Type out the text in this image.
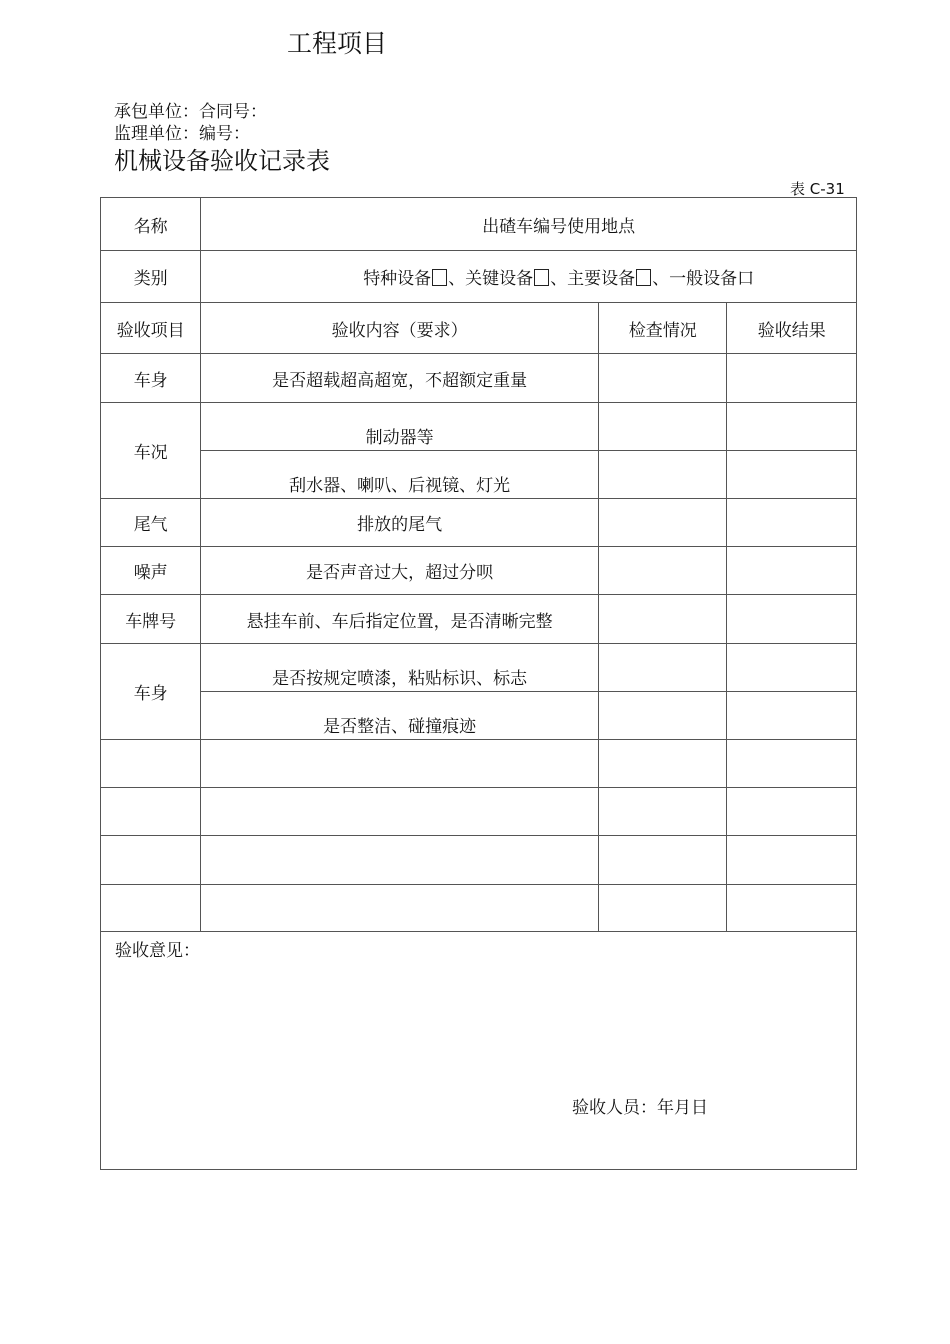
工程项目
承包单位：合同号：
监理单位：编号：
机械设备验收记录表
表 C-31
名称	出碴车编号使用地点		
类别	特种设备 、关键设备 、主要设备 、一般设备口		
验收项目	验收内容（要求）	检查情况	验收结果
车身	是否超载超高超宽，不超额定重量		
车况	制动器等		

	刮水器、喇叭、后视镜、灯光		

尾气	排放的尾气		
噪声	是否声音过大，超过分呗		
车牌号	悬挂车前、车后指定位置，是否清晰完整		
车身	是否按规定喷漆，粘贴标识、标志		

	是否整洁、碰撞痕迹		

验收意见：
验收人员：年月日			
